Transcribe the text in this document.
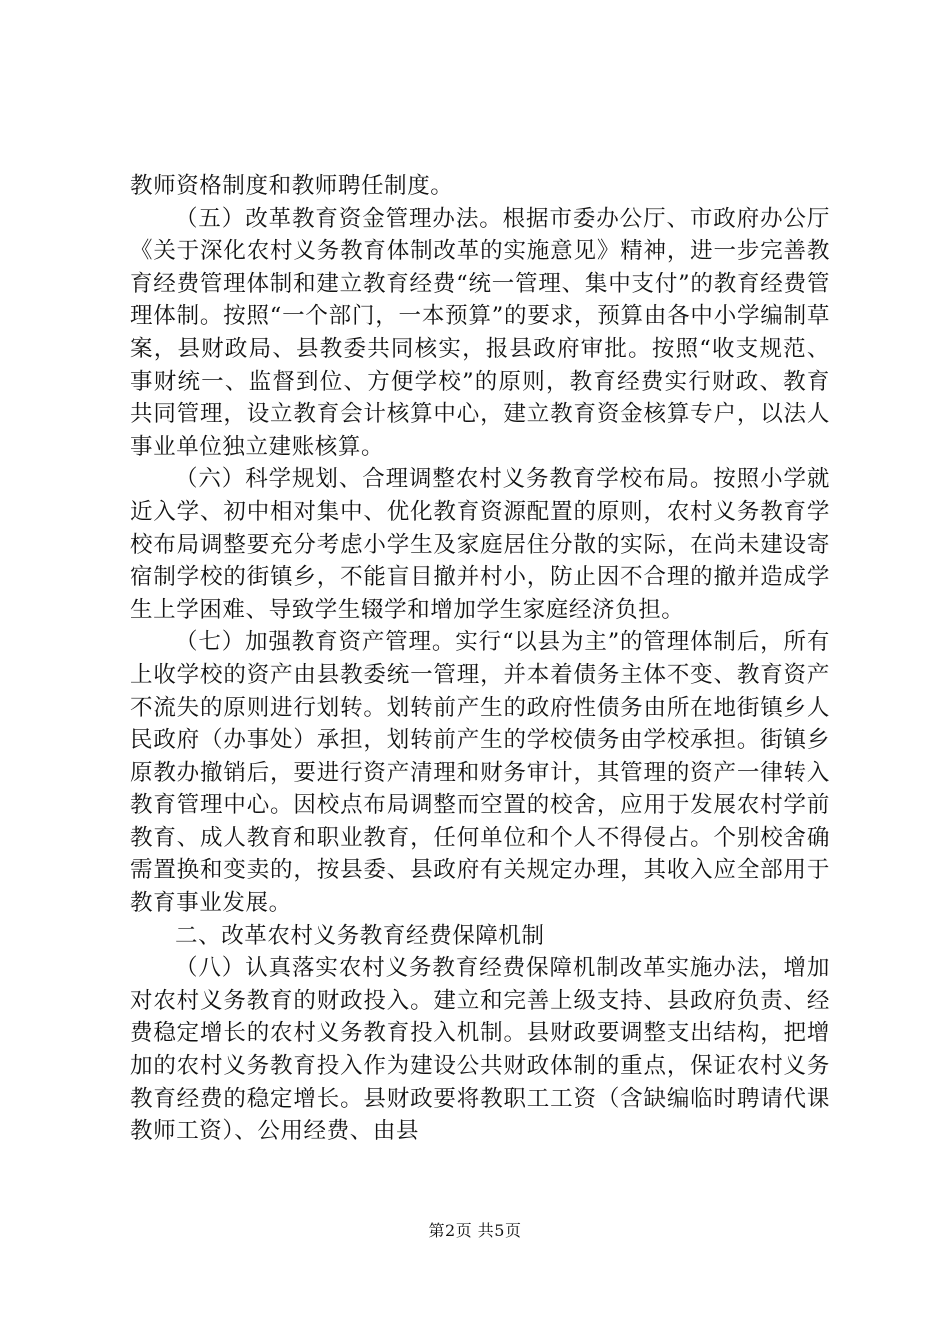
教师资格制度和教师聘任制度。

（五）改革教育资金管理办法。根据市委办公厅、市政府办公厅《关于深化农村义务教育体制改革的实施意见》精神，进一步完善教育经费管理体制和建立教育经费“统一管理、集中支付”的教育经费管理体制。按照“一个部门，一本预算”的要求，预算由各中小学编制草案，县财政局、县教委共同核实，报县政府审批。按照“收支规范、事财统一、监督到位、方便学校”的原则，教育经费实行财政、教育共同管理，设立教育会计核算中心，建立教育资金核算专户，以法人事业单位独立建账核算。

（六）科学规划、合理调整农村义务教育学校布局。按照小学就近入学、初中相对集中、优化教育资源配置的原则，农村义务教育学校布局调整要充分考虑小学生及家庭居住分散的实际，在尚未建设寄宿制学校的街镇乡，不能盲目撤并村小，防止因不合理的撤并造成学生上学困难、导致学生辍学和增加学生家庭经济负担。

（七）加强教育资产管理。实行“以县为主”的管理体制后，所有上收学校的资产由县教委统一管理，并本着债务主体不变、教育资产不流失的原则进行划转。划转前产生的政府性债务由所在地街镇乡人民政府（办事处）承担，划转前产生的学校债务由学校承担。街镇乡原教办撤销后，要进行资产清理和财务审计，其管理的资产一律转入教育管理中心。因校点布局调整而空置的校舍，应用于发展农村学前教育、成人教育和职业教育，任何单位和个人不得侵占。个别校舍确需置换和变卖的，按县委、县政府有关规定办理，其收入应全部用于教育事业发展。

二、改革农村义务教育经费保障机制

（八）认真落实农村义务教育经费保障机制改革实施办法，增加对农村义务教育的财政投入。建立和完善上级支持、县政府负责、经费稳定增长的农村义务教育投入机制。县财政要调整支出结构，把增加的农村义务教育投入作为建设公共财政体制的重点，保证农村义务教育经费的稳定增长。县财政要将教职工工资（含缺编临时聘请代课教师工资）、公用经费、由县

第2页 共5页
